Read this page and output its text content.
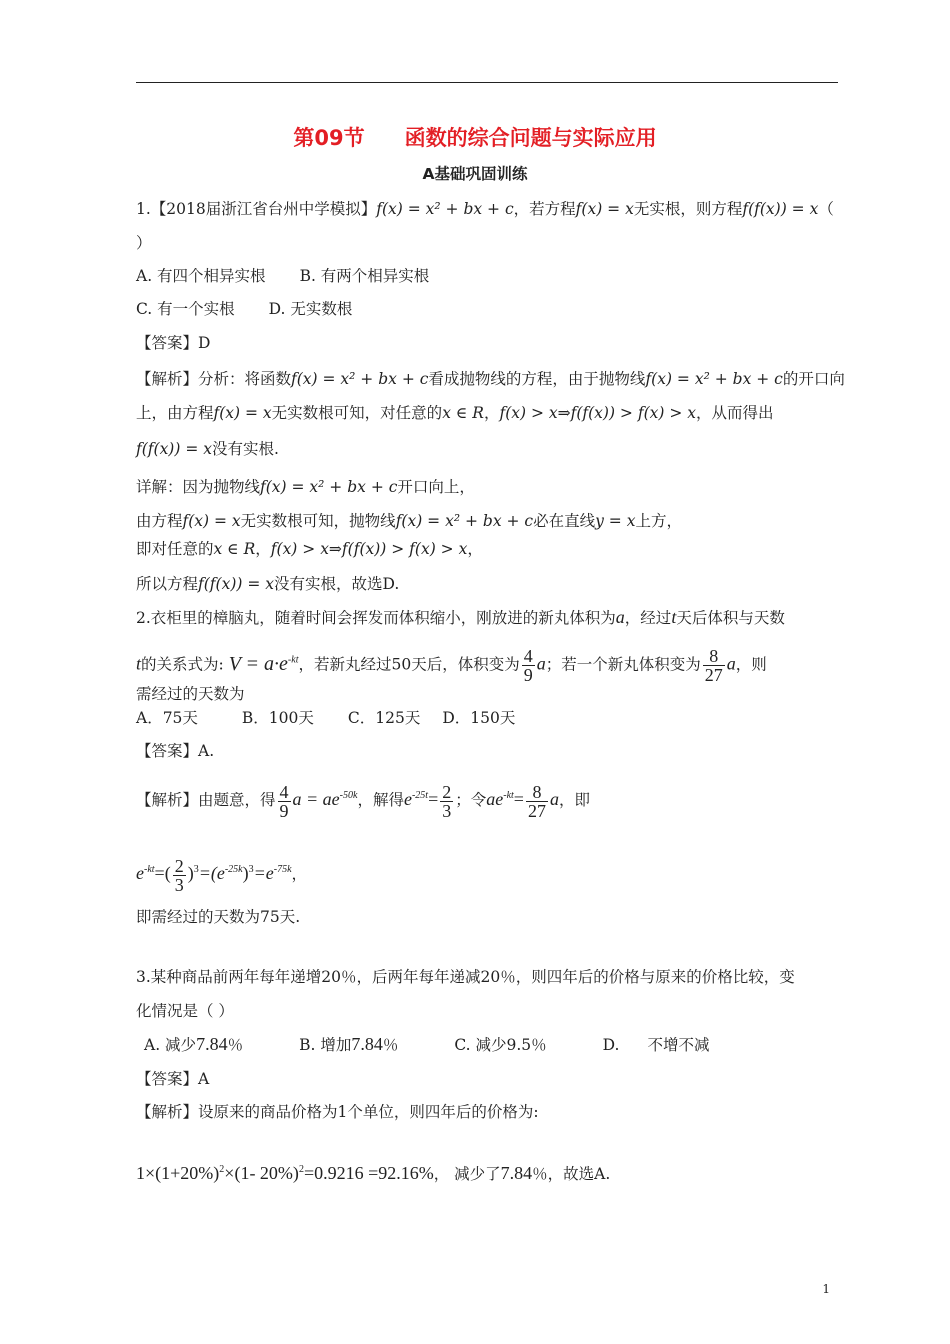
第09节 函数的综合问题与实际应用
A基础巩固训练
1.【2018届浙江省台州中学模拟】f(x) = x² + bx + c，若方程f(x) = x无实根，则方程f(f(x)) = x（
）
A. 有四个相异实根 B. 有两个相异实根
C. 有一个实根 D. 无实数根
【答案】D
【解析】分析：将函数f(x) = x² + bx + c看成抛物线的方程，由于抛物线f(x) = x² + bx + c的开口向
上，由方程f(x) = x无实数根可知，对任意的x ∈ R，f(x) > x⇒f(f(x)) > f(x) > x，从而得出
f(f(x)) = x没有实根.
详解：因为抛物线f(x) = x² + bx + c开口向上，
由方程f(x) = x无实数根可知，抛物线f(x) = x² + bx + c必在直线y = x上方，
即对任意的x ∈ R，f(x) > x⇒f(f(x)) > f(x) > x，
所以方程f(f(x)) = x没有实根，故选D.
2.衣柜里的樟脑丸，随着时间会挥发而体积缩小，刚放进的新丸体积为a，经过t天后体积与天数
t的关系式为: $V = a\cdot e^{-kt}$，若新丸经过50天后，体积变为 $\frac{4}{9}$ a；若一个新丸体积变为 $\frac{8}{27}$ a，则
需经过的天数为
A．75天	B．100天 C．125天 D．150天
【答案】A.
【解析】由题意，得 $\frac{4}{9}$ $a = ae^{-50k}$，解得$e^{-25t}= \frac{2}{3}$ ；令$ae^{-kt}= \frac{8}{27}$ a，即
$e^{-kt}=( \frac{2}{3} )^3=(e^{-25k})^3=e^{-75k}$，
即需经过的天数为75天.
3.某种商品前两年每年递增20％，后两年每年递减20％，则四年后的价格与原来的价格比较，变
化情况是（ ）
A. 减少7.84％	B. 增加7.84％	C. 减少9.5％	D. 不增不减
【答案】A
【解析】设原来的商品价格为1个单位，则四年后的价格为:
$1\times(1+20\%)^2\times(1-$ 20%)$^2$=0.9216 =92.16%， 减少了7.84％，故选A.
1
